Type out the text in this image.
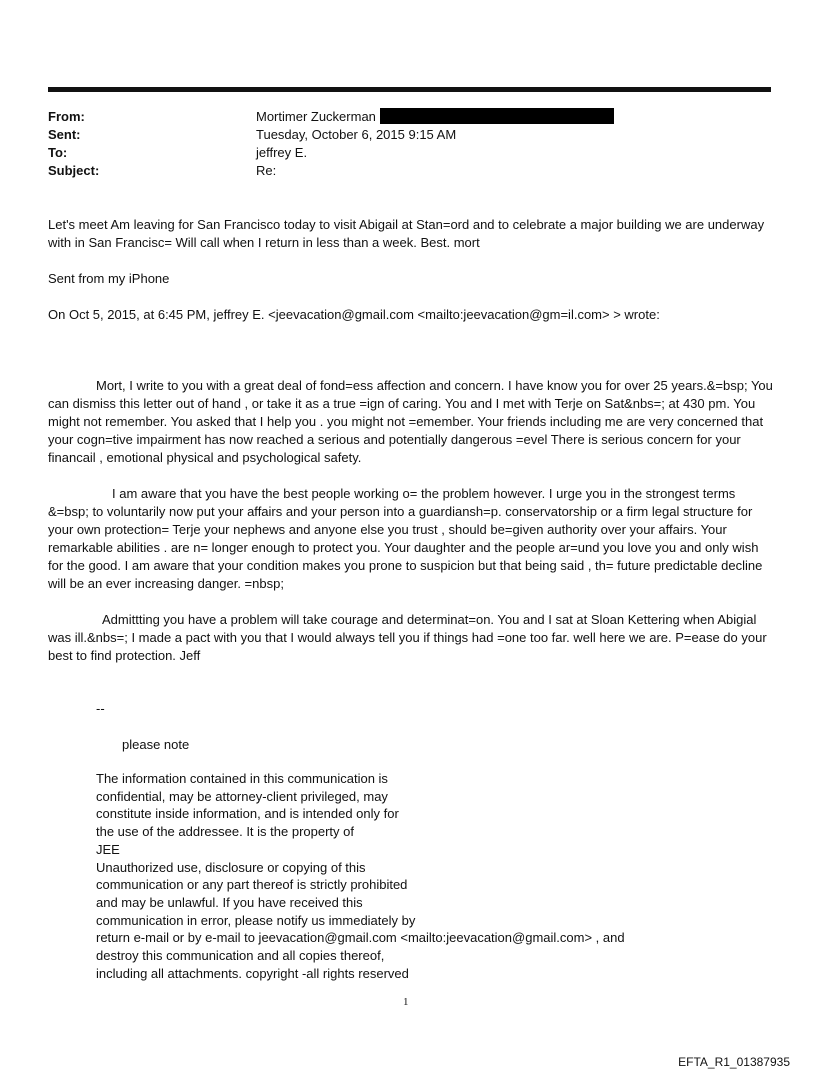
From:	Mortimer Zuckerman
Sent:	Tuesday, October 6, 2015 9:15 AM
To:	jeffrey E.
Subject:	Re:

Let's meet Am leaving for San Francisco today to visit Abigail at Stan=ord and to celebrate a major building we are underway with in San Francisc= Will call when I return in less than a week. Best. mort

Sent from my iPhone

On Oct 5, 2015, at 6:45 PM, jeffrey E. <jeevacation@gmail.com <mailto:jeevacation@gm=il.com> > wrote:

Mort, I write to you with a great deal of fond=ess affection and concern. I have know you for over 25 years.&=bsp; You can dismiss this letter out of hand , or take it as a true =ign of caring. You and I met with Terje on Sat&nbs=; at 430 pm. You might not remember. You asked that I help you . you might not =emember. Your friends including me are very concerned that your cogn=tive impairment has now reached a serious and potentially dangerous =evel There is serious concern for your financail , emotional physical and psychological safety.

I am aware that you have the best people working o= the problem however. I urge you in the strongest terms &=bsp; to voluntarily now put your affairs and your person into a guardiansh=p. conservatorship or a firm legal structure for your own protection= Terje your nephews and anyone else you trust , should be=given authority over your affairs. Your remarkable abilities . are n= longer enough to protect you. Your daughter and the people ar=und you love you and only wish for the good. I am aware that your condition makes you prone to suspicion but that being said , th= future predictable decline will be an ever increasing danger. =nbsp;

Admittting you have a problem will take courage and determinat=on. You and I sat at Sloan Kettering when Abigial was ill.&nbs=; I made a pact with you that I would always tell you if things had =one too far. well here we are. P=ease do your best to find protection. Jeff

--
please note
The information contained in this communication is
confidential, may be attorney-client privileged, may
constitute inside information, and is intended only for
the use of the addressee. It is the property of
JEE
Unauthorized use, disclosure or copying of this
communication or any part thereof is strictly prohibited
and may be unlawful. If you have received this
communication in error, please notify us immediately by
return e-mail or by e-mail to jeevacation@gmail.com <mailto:jeevacation@gmail.com> , and
destroy this communication and all copies thereof,
including all attachments. copyright -all rights reserved
1
EFTA_R1_01387935
